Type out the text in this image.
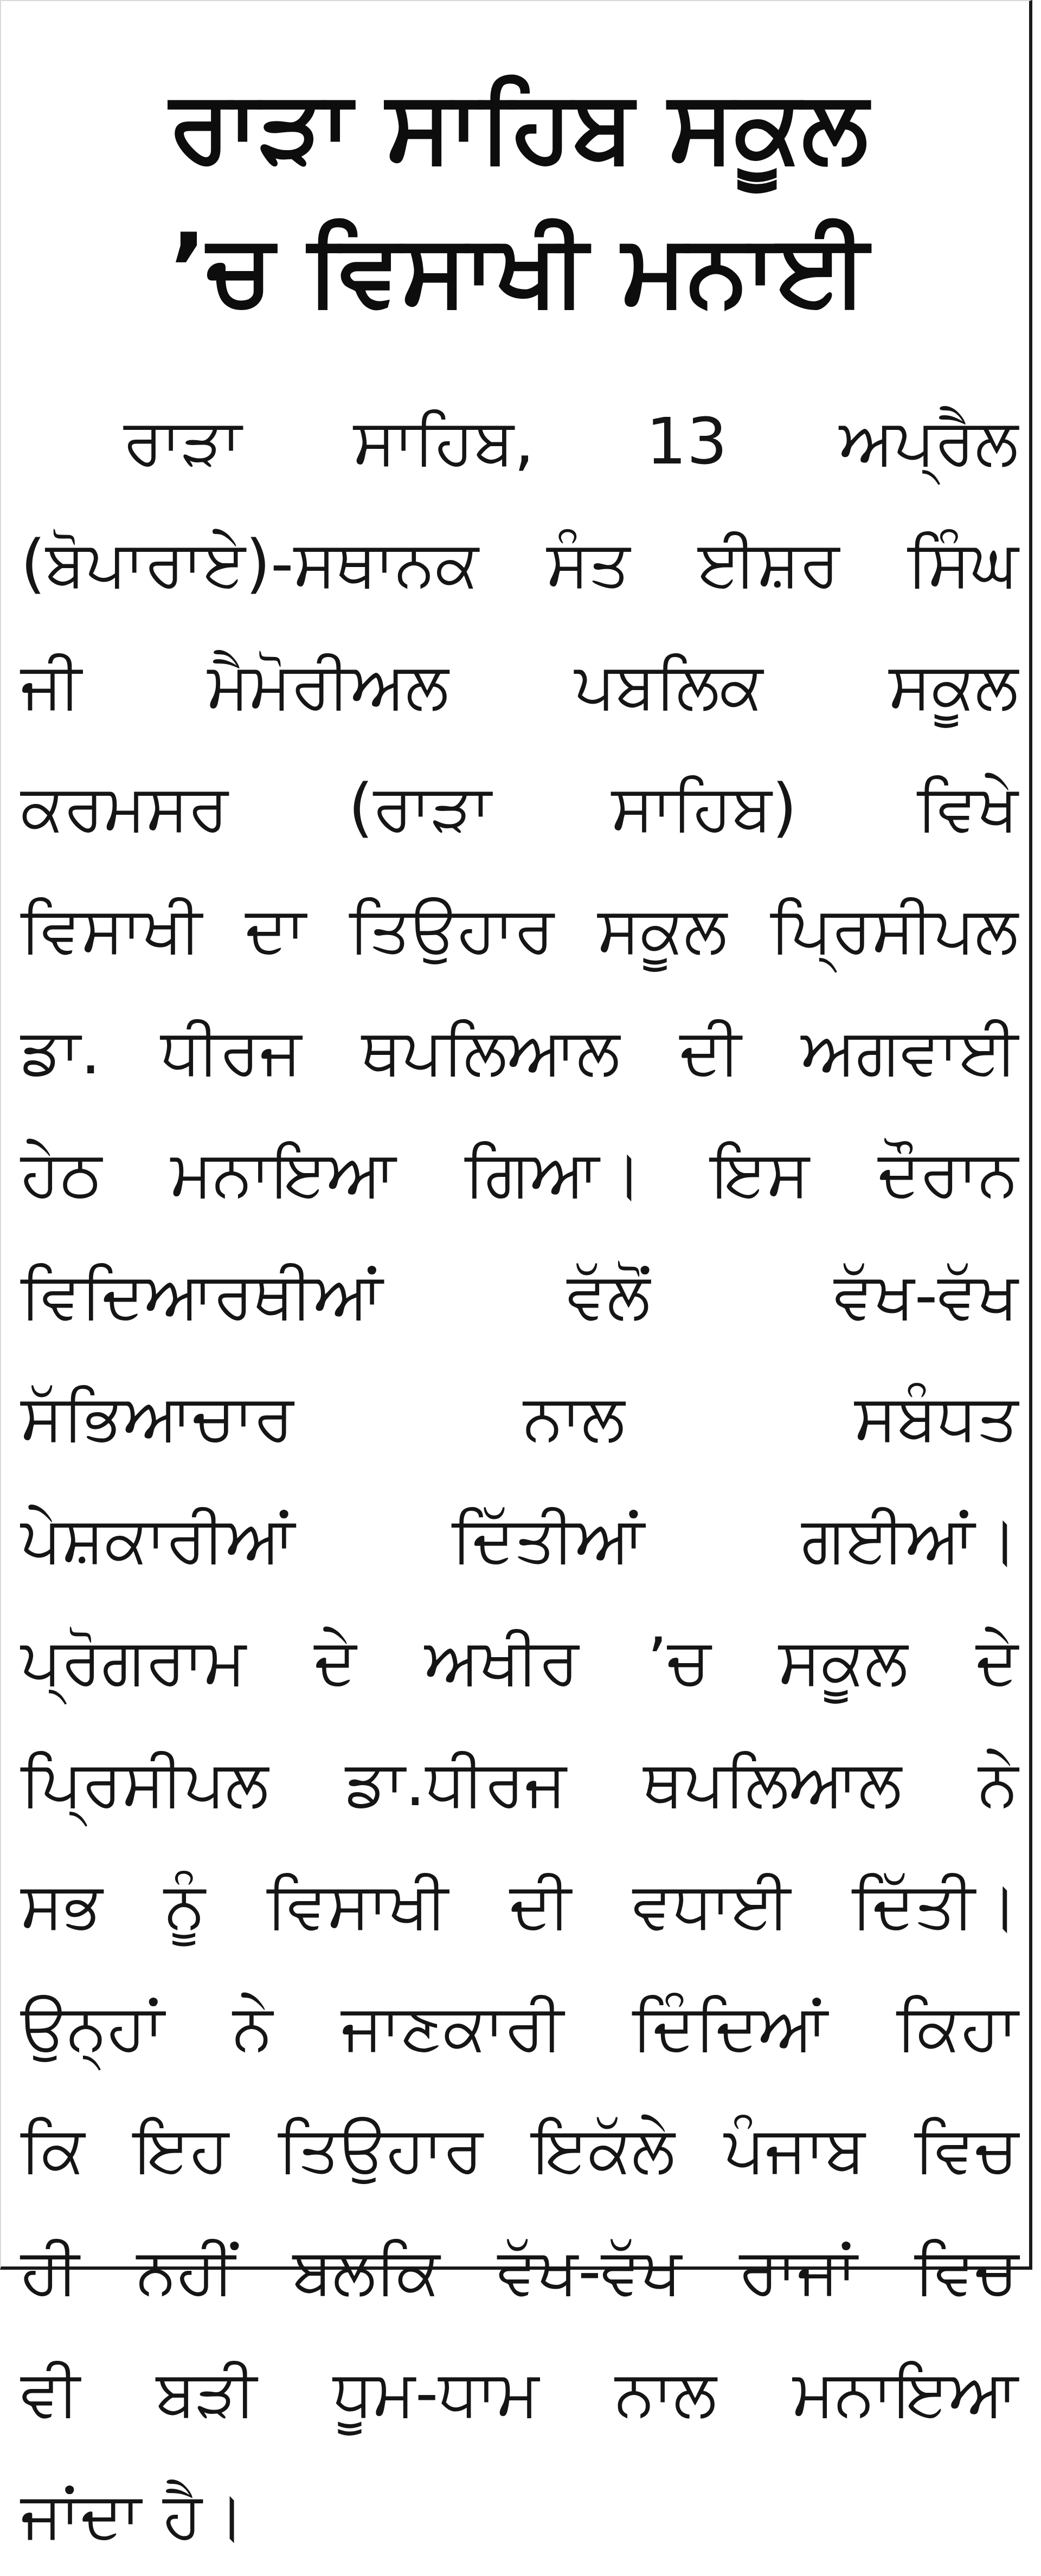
ਰਾੜਾ ਸਾਹਿਬ ਸਕੂਲ
’ਚ ਵਿਸਾਖੀ ਮਨਾਈ
ਰਾੜਾ ਸਾਹਿਬ, 13 ਅਪ੍ਰੈਲ
(ਬੋਪਾਰਾਏ)-ਸਥਾਨਕ ਸੰਤ ਈਸ਼ਰ ਸਿੰਘ
ਜੀ ਮੈਮੋਰੀਅਲ ਪਬਲਿਕ ਸਕੂਲ
ਕਰਮਸਰ (ਰਾੜਾ ਸਾਹਿਬ) ਵਿਖੇ
ਵਿਸਾਖੀ ਦਾ ਤਿਉਹਾਰ ਸਕੂਲ ਪ੍ਰਿਸੀਪਲ
ਡਾ. ਧੀਰਜ ਥਪਲਿਆਲ ਦੀ ਅਗਵਾਈ
ਹੇਠ ਮਨਾਇਆ ਗਿਆ। ਇਸ ਦੌਰਾਨ
ਵਿਦਿਆਰਥੀਆਂ	ਵੱਲੋਂ	ਵੱਖ-ਵੱਖ
ਸੱਭਿਆਚਾਰ	ਨਾਲ	ਸਬੰਧਤ
ਪੇਸ਼ਕਾਰੀਆਂ ਦਿੱਤੀਆਂ ਗਈਆਂ।
ਪ੍ਰੋਗਰਾਮ ਦੇ ਅਖੀਰ ’ਚ ਸਕੂਲ ਦੇ
ਪ੍ਰਿਸੀਪਲ ਡਾ.ਧੀਰਜ ਥਪਲਿਆਲ ਨੇ
ਸਭ ਨੂੰ ਵਿਸਾਖੀ ਦੀ ਵਧਾਈ ਦਿੱਤੀ।
ਉਨ੍ਹਾਂ ਨੇ ਜਾਣਕਾਰੀ ਦਿੰਦਿਆਂ ਕਿਹਾ
ਕਿ ਇਹ ਤਿਉਹਾਰ ਇਕੱਲੇ ਪੰਜਾਬ ਵਿਚ
ਹੀ ਨਹੀਂ ਬਲਕਿ ਵੱਖ-ਵੱਖ ਰਾਜਾਂ ਵਿਚ
ਵੀ ਬੜੀ ਧੂਮ-ਧਾਮ ਨਾਲ ਮਨਾਇਆ
ਜਾਂਦਾ ਹੈ।
